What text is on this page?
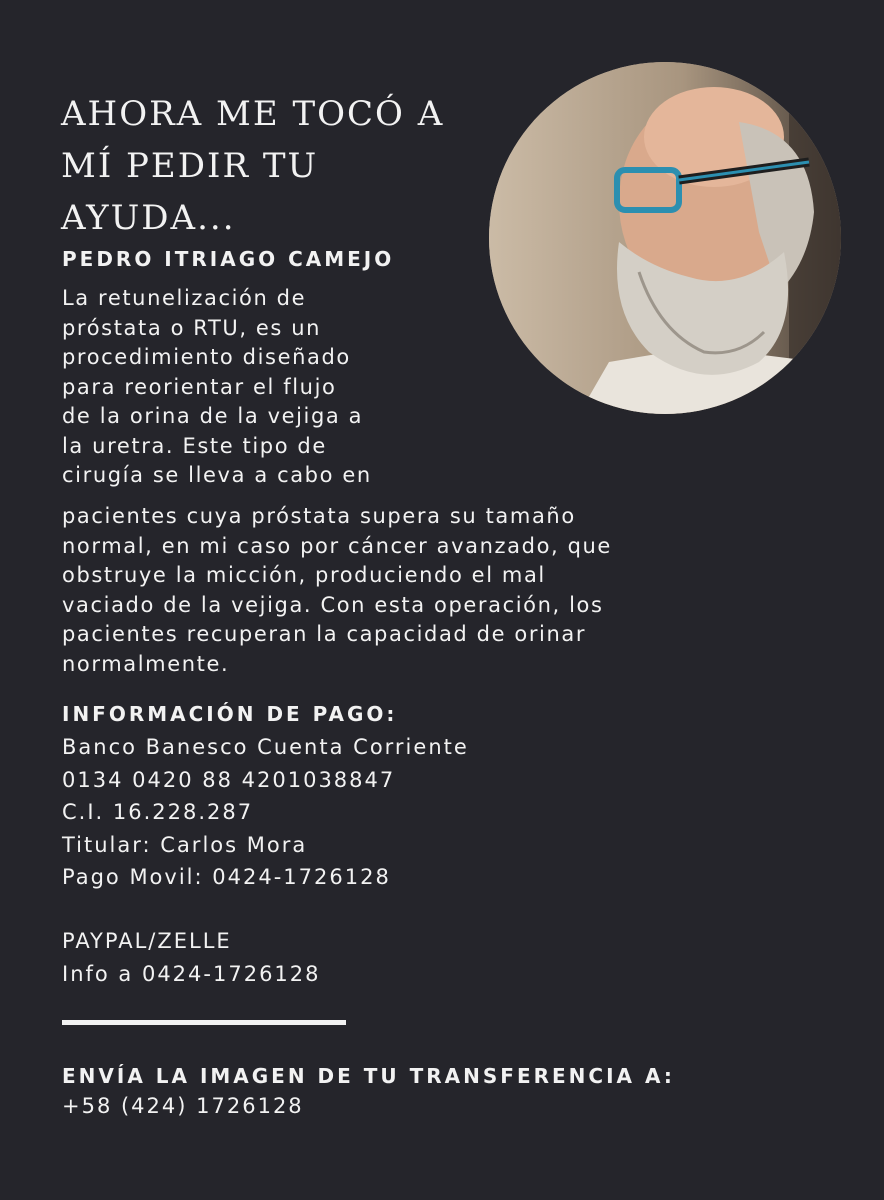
AHORA ME TOCÓ A
MÍ PEDIR TU
AYUDA...
PEDRO ITRIAGO CAMEJO

La retunelización de
próstata o RTU, es un
procedimiento diseñado
para reorientar el flujo
de la orina de la vejiga a
la uretra. Este tipo de
cirugía se lleva a cabo en

pacientes cuya próstata supera su tamaño
normal, en mi caso por cáncer avanzado, que
obstruye la micción, produciendo el mal
vaciado de la vejiga. Con esta operación, los
pacientes recuperan la capacidad de orinar
normalmente.

INFORMACIÓN DE PAGO:

Banco Banesco Cuenta Corriente
0134 0420 88 4201038847
C.I. 16.228.287
Titular: Carlos Mora
Pago Movil: 0424-1726128

PAYPAL/ZELLE
Info a 0424-1726128

ENVÍA LA IMAGEN DE TU TRANSFERENCIA A:

+58 (424) 1726128
